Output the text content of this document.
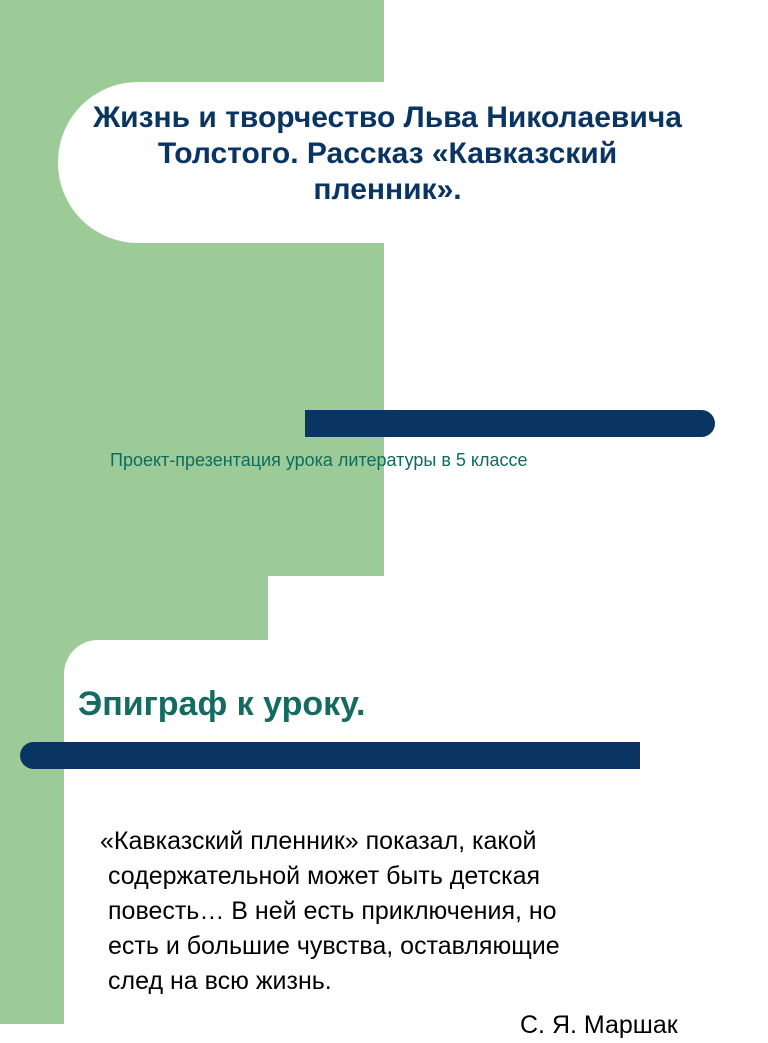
Жизнь и творчество Льва Николаевича Толстого. Рассказ «Кавказский пленник».
Проект-презентация урока литературы в 5 классе
Эпиграф к уроку.
«Кавказский пленник» показал, какой
содержательной может быть детская
повесть… В ней есть приключения, но
есть и большие чувства, оставляющие
след на всю жизнь.
С. Я. Маршак
